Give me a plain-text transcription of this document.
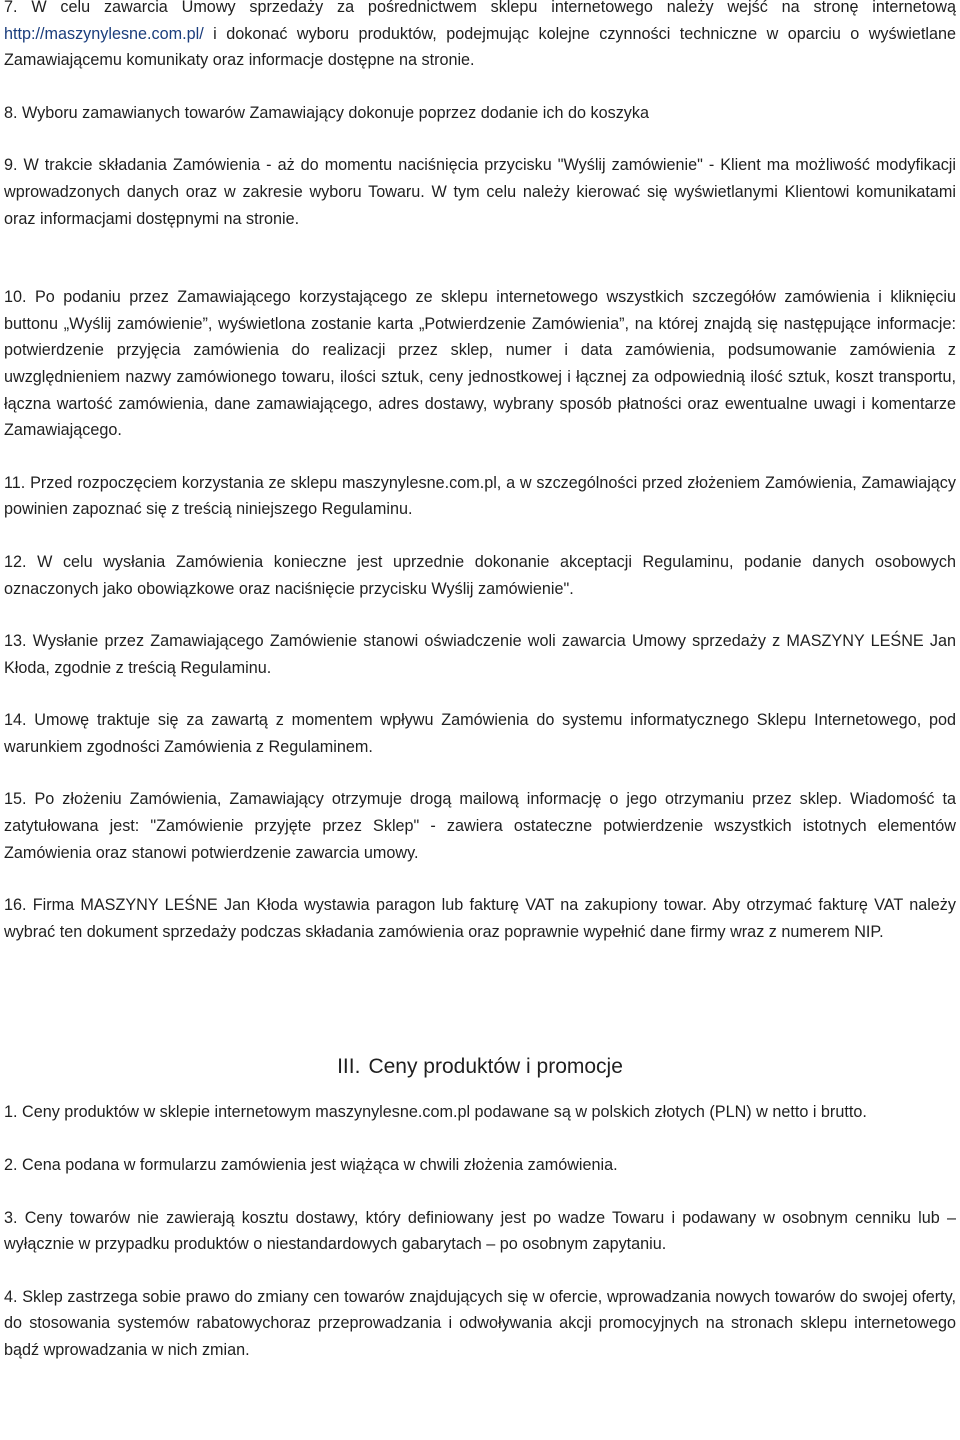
7. W celu zawarcia Umowy sprzedaży za pośrednictwem sklepu internetowego należy wejść na stronę internetową http://maszynylesne.com.pl/ i dokonać wyboru produktów, podejmując kolejne czynności techniczne w oparciu o wyświetlane Zamawiającemu komunikaty oraz informacje dostępne na stronie.

8. Wyboru zamawianych towarów Zamawiający dokonuje poprzez dodanie ich do koszyka

9. W trakcie składania Zamówienia - aż do momentu naciśnięcia przycisku "Wyślij zamówienie" - Klient ma możliwość modyfikacji wprowadzonych danych oraz w zakresie wyboru Towaru. W tym celu należy kierować się wyświetlanymi Klientowi komunikatami oraz informacjami dostępnymi na stronie.

10. Po podaniu przez Zamawiającego korzystającego ze sklepu internetowego wszystkich szczegółów zamówienia i kliknięciu buttonu „Wyślij zamówienie”, wyświetlona zostanie karta „Potwierdzenie Zamówienia”, na której znajdą się następujące informacje: potwierdzenie przyjęcia zamówienia do realizacji przez sklep, numer i data zamówienia, podsumowanie zamówienia z uwzględnieniem nazwy zamówionego towaru, ilości sztuk, ceny jednostkowej i łącznej za odpowiednią ilość sztuk, koszt transportu, łączna wartość zamówienia, dane zamawiającego, adres dostawy, wybrany sposób płatności oraz ewentualne uwagi i komentarze Zamawiającego.

11. Przed rozpoczęciem korzystania ze sklepu maszynylesne.com.pl, a w szczególności przed złożeniem Zamówienia, Zamawiający powinien zapoznać się z treścią niniejszego Regulaminu.

12. W celu wysłania Zamówienia konieczne jest uprzednie dokonanie akceptacji Regulaminu, podanie danych osobowych oznaczonych jako obowiązkowe oraz naciśnięcie przycisku Wyślij zamówienie".

13. Wysłanie przez Zamawiającego Zamówienie stanowi oświadczenie woli zawarcia Umowy sprzedaży z MASZYNY LEŚNE Jan Kłoda, zgodnie z treścią Regulaminu.

14. Umowę traktuje się za zawartą z momentem wpływu Zamówienia do systemu informatycznego Sklepu Internetowego, pod warunkiem zgodności Zamówienia z Regulaminem.

15. Po złożeniu Zamówienia, Zamawiający otrzymuje drogą mailową informację o jego otrzymaniu przez sklep. Wiadomość ta zatytułowana jest: "Zamówienie przyjęte przez Sklep" - zawiera ostateczne potwierdzenie wszystkich istotnych elementów Zamówienia oraz stanowi potwierdzenie zawarcia umowy.

16. Firma MASZYNY LEŚNE Jan Kłoda wystawia paragon lub fakturę VAT na zakupiony towar. Aby otrzymać fakturę VAT należy wybrać ten dokument sprzedaży podczas składania zamówienia oraz poprawnie wypełnić dane firmy wraz z numerem NIP.

III. Ceny produktów i promocje

1. Ceny produktów w sklepie internetowym maszynylesne.com.pl podawane są w polskich złotych (PLN) w netto i brutto.

2. Cena podana w formularzu zamówienia jest wiążąca w chwili złożenia zamówienia.

3. Ceny towarów nie zawierają kosztu dostawy, który definiowany jest po wadze Towaru i podawany w osobnym cenniku lub – wyłącznie w przypadku produktów o niestandardowych gabarytach – po osobnym zapytaniu.

4. Sklep zastrzega sobie prawo do zmiany cen towarów znajdujących się w ofercie, wprowadzania nowych towarów do swojej oferty, do stosowania systemów rabatowychoraz przeprowadzania i odwoływania akcji promocyjnych na stronach sklepu internetowego bądź wprowadzania w nich zmian.
